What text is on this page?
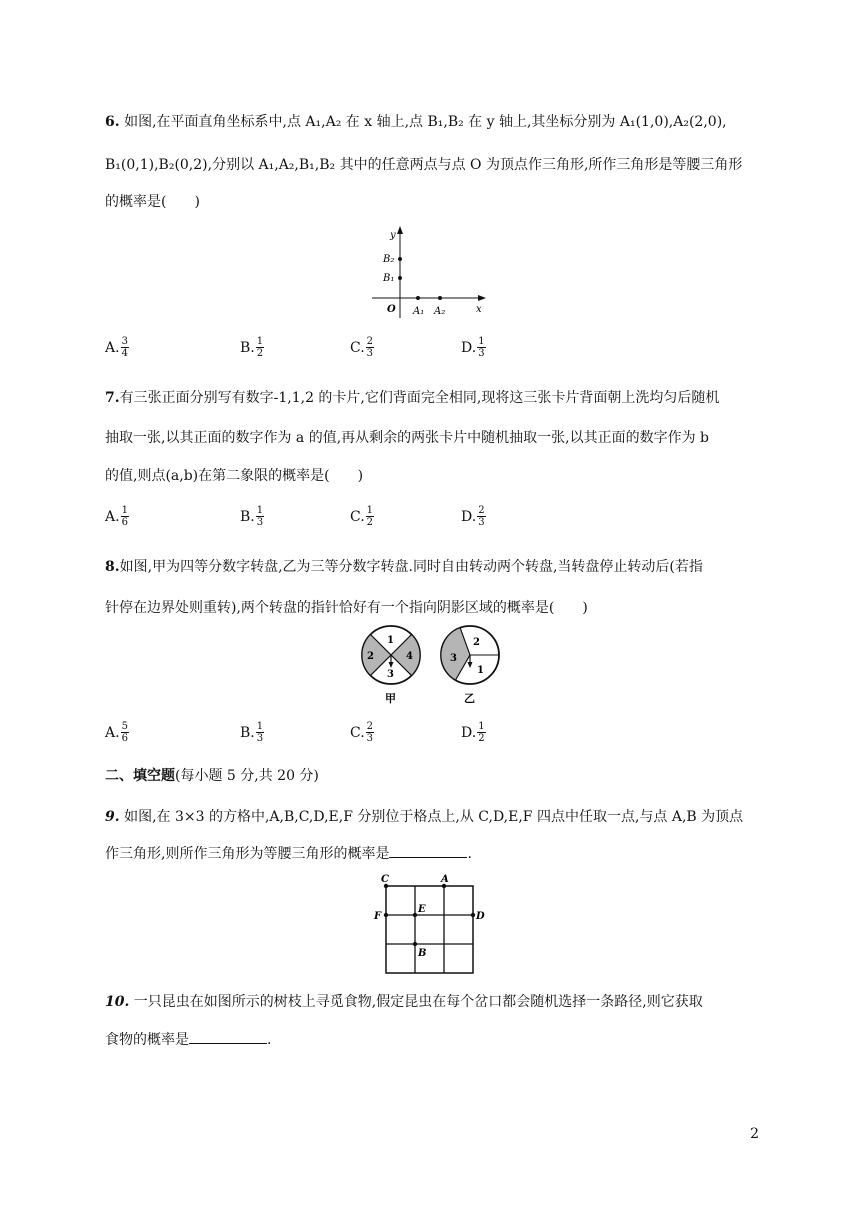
6. 如图,在平面直角坐标系中,点 A₁,A₂ 在 x 轴上,点 B₁,B₂ 在 y 轴上,其坐标分别为 A₁(1,0),A₂(2,0),
B₁(0,1),B₂(0,2),分别以 A₁,A₂,B₁,B₂ 其中的任意两点与点 O 为顶点作三角形,所作三角形是等腰三角形
的概率是(　　)
y
x
O
B₂
B₁
A₁ A₂
A. $\frac{3}{4}$	B. $\frac{1}{2}$	C. $\frac{2}{3}$	D. $\frac{1}{3}$
7.有三张正面分别写有数字-1,1,2 的卡片,它们背面完全相同,现将这三张卡片背面朝上洗均匀后随机
抽取一张,以其正面的数字作为 a 的值,再从剩余的两张卡片中随机抽取一张,以其正面的数字作为 b
的值,则点(a,b)在第二象限的概率是(　　)
A. $\frac{1}{6}$	B. $\frac{1}{3}$	C. $\frac{1}{2}$	D. $\frac{2}{3}$
8.如图,甲为四等分数字转盘,乙为三等分数字转盘.同时自由转动两个转盘,当转盘停止转动后(若指
针停在边界处则重转),两个转盘的指针恰好有一个指向阴影区域的概率是(　　)
1
2
3
4
甲
1
2
3
乙
A. $\frac{5}{6}$	B. $\frac{1}{3}$	C. $\frac{2}{3}$	D. $\frac{1}{2}$
二、填空题(每小题 5 分,共 20 分)
9. 如图,在 3×3 的方格中,A,B,C,D,E,F 分别位于格点上,从 C,D,E,F 四点中任取一点,与点 A,B 为顶点
作三角形,则所作三角形为等腰三角形的概率是	.
C	A
F
E
D
B
10. 一只昆虫在如图所示的树枝上寻觅食物,假定昆虫在每个岔口都会随机选择一条路径,则它获取
食物的概率是	.
2
